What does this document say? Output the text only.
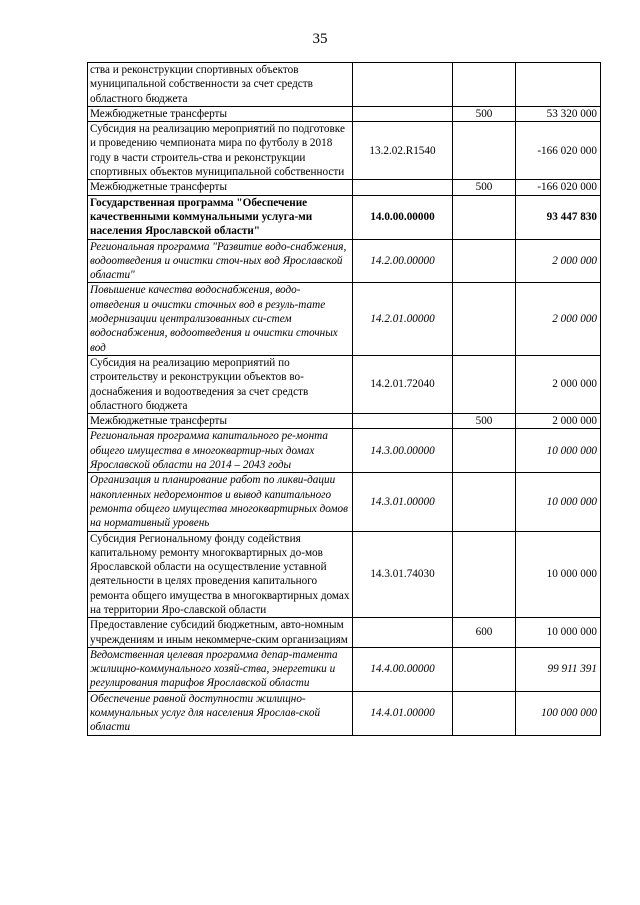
35
ства и реконструкции спортивных объектов муниципальной собственности за счет средств областного бюджета			
Межбюджетные трансферты		500	53 320 000
Субсидия на реализацию мероприятий по подготовке и проведению чемпионата мира по футболу в 2018 году в части строитель-ства и реконструкции спортивных объектов муниципальной собственности	13.2.02.R1540		-166 020 000
Межбюджетные трансферты		500	-166 020 000
Государственная программа "Обеспечение качественными коммунальными услуга-ми населения Ярославской области"	14.0.00.00000		93 447 830
Региональная программа "Развитие водо-снабжения, водоотведения и очистки сточ-ных вод Ярославской области"	14.2.00.00000		2 000 000
Повышение качества водоснабжения, водо-отведения и очистки сточных вод в резуль-тате модернизации централизованных си-стем водоснабжения, водоотведения и очистки сточных вод	14.2.01.00000		2 000 000
Субсидия на реализацию мероприятий по строительству и реконструкции объектов во-доснабжения и водоотведения за счет средств областного бюджета	14.2.01.72040		2 000 000
Межбюджетные трансферты		500	2 000 000
Региональная программа капитального ре-монта общего имущества в многоквартир-ных домах Ярославской области на 2014 – 2043 годы	14.3.00.00000		10 000 000
Организация и планирование работ по ликви-дации накопленных недоремонтов и вывод капитального ремонта общего имущества многоквартирных домов на нормативный уровень	14.3.01.00000		10 000 000
Субсидия Региональному фонду содействия капитальному ремонту многоквартирных до-мов Ярославской области на осуществление уставной деятельности в целях проведения капитального ремонта общего имущества в многоквартирных домах на территории Яро-славской области	14.3.01.74030		10 000 000
Предоставление субсидий бюджетным, авто-номным учреждениям и иным некоммерче-ским организациям		600	10 000 000
Ведомственная целевая программа депар-тамента жилищно-коммунального хозяй-ства, энергетики и регулирования тарифов Ярославской области	14.4.00.00000		99 911 391
Обеспечение равной доступности жилищно-коммунальных услуг для населения Ярослав-ской области	14.4.01.00000		100 000 000
